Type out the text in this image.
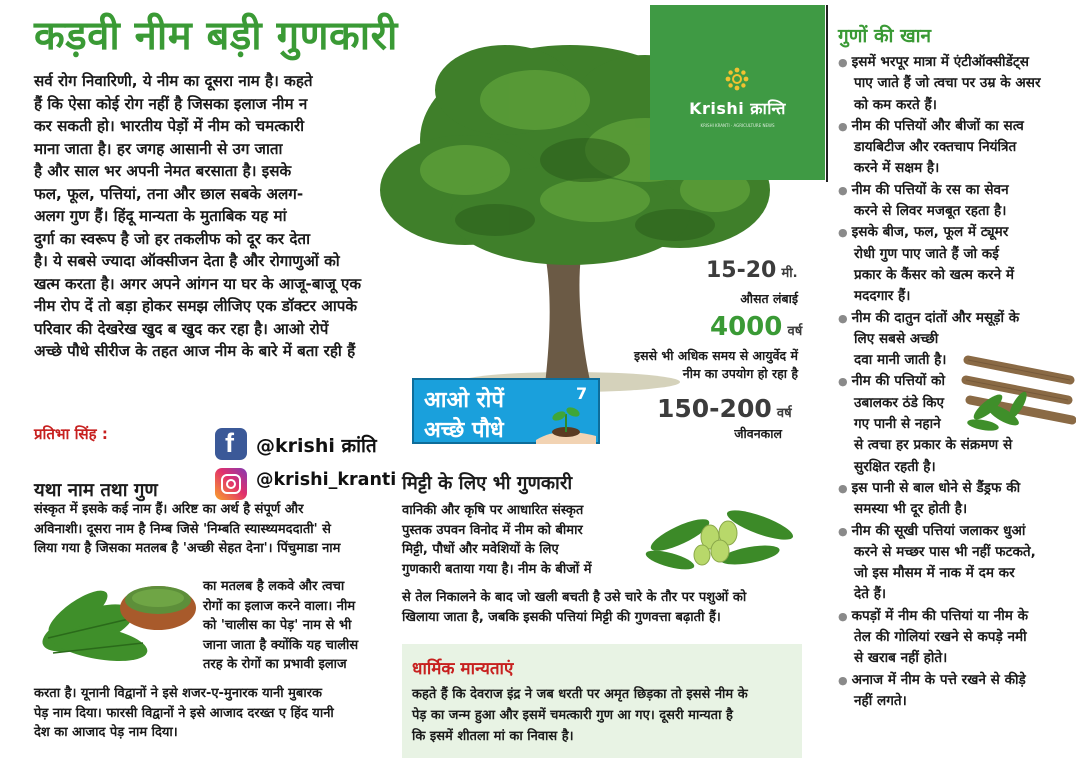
कड़वी नीम बड़ी गुणकारी
सर्व रोग निवारिणी, ये नीम का दूसरा नाम है। कहते
हैं कि ऐसा कोई रोग नहीं है जिसका इलाज नीम न
कर सकती हो। भारतीय पेड़ों में नीम को चमत्कारी
माना जाता है। हर जगह आसानी से उग जाता
है और साल भर अपनी नेमत बरसाता है। इसके
फल, फूल, पत्तियां, तना और छाल सबके अलग-
अलग गुण हैं। हिंदू मान्यता के मुताबिक यह मां
दुर्गा का स्वरूप है जो हर तकलीफ को दूर कर देता
है। ये सबसे ज्यादा ऑक्सीजन देता है और रोगाणुओं को
खत्म करता है। अगर अपने आंगन या घर के आजू-बाजू एक
नीम रोप दें तो बड़ा होकर समझ लीजिए एक डॉक्टर आपके
परिवार की देखरेख खुद ब खुद कर रहा है। आओ रोपें
अच्छे पौधे सीरीज के तहत आज नीम के बारे में बता रही हैं
प्रतिभा सिंह :
Krishi क्रान्ति
KRISHI KRANTI · AGRICULTURE NEWS
15-20 मी.
औसत लंबाई
4000 वर्ष
इससे भी अधिक समय से आयुर्वेद में
नीम का उपयोग हो रहा है
150-200 वर्ष
जीवनकाल
आओ रोपें
अच्छे पौधे
7
f @krishi क्रांति
@krishi_kranti
यथा नाम तथा गुण
संस्कृत में इसके कई नाम हैं। अरिष्ट का अर्थ है संपूर्ण और
अविनाशी। दूसरा नाम है निम्ब जिसे 'निम्बति स्यास्थ्यमददाती' से
लिया गया है जिसका मतलब है 'अच्छी सेहत देना'। पिंचुमाडा नाम
का मतलब है लकवे और त्वचा
रोगों का इलाज करने वाला। नीम
को 'चालीस का पेड़' नाम से भी
जाना जाता है क्योंकि यह चालीस
तरह के रोगों का प्रभावी इलाज
करता है। यूनानी विद्वानों ने इसे शजर-ए-मुनारक यानी मुबारक
पेड़ नाम दिया। फारसी विद्वानों ने इसे आजाद दरख्त ए हिंद यानी
देश का आजाद पेड़ नाम दिया।
मिट्टी के लिए भी गुणकारी
वानिकी और कृषि पर आधारित संस्कृत
पुस्तक उपवन विनोद में नीम को बीमार
मिट्टी, पौधों और मवेशियों के लिए
गुणकारी बताया गया है। नीम के बीजों में
से तेल निकालने के बाद जो खली बचती है उसे चारे के तौर पर पशुओं को
खिलाया जाता है, जबकि इसकी पत्तियां मिट्टी की गुणवत्ता बढ़ाती हैं।
धार्मिक मान्यताएं
कहते हैं कि देवराज इंद्र ने जब धरती पर अमृत छिड़का तो इससे नीम के
पेड़ का जन्म हुआ और इसमें चमत्कारी गुण आ गए। दूसरी मान्यता है
कि इसमें शीतला मां का निवास है।
गुणों की खान
● इसमें भरपूर मात्रा में एंटीऑक्सीडेंट्स
पाए जाते हैं जो त्वचा पर उम्र के असर
को कम करते हैं।
● नीम की पत्तियों और बीजों का सत्व
डायबिटीज और रक्तचाप नियंत्रित
करने में सक्षम है।
● नीम की पत्तियों के रस का सेवन
करने से लिवर मजबूत रहता है।
● इसके बीज, फल, फूल में ट्यूमर
रोधी गुण पाए जाते हैं जो कई
प्रकार के कैंसर को खत्म करने में
मददगार हैं।
● नीम की दातुन दांतों और मसूड़ों के
लिए सबसे अच्छी
दवा मानी जाती है।
● नीम की पत्तियों को
उबालकर ठंडे किए
गए पानी से नहाने
से त्वचा हर प्रकार के संक्रमण से
सुरक्षित रहती है।
● इस पानी से बाल धोने से डैंड्रफ की
समस्या भी दूर होती है।
● नीम की सूखी पत्तियां जलाकर धुआं
करने से मच्छर पास भी नहीं फटकते,
जो इस मौसम में नाक में दम कर
देते हैं।
● कपड़ों में नीम की पत्तियां या नीम के
तेल की गोलियां रखने से कपड़े नमी
से खराब नहीं होते।
● अनाज में नीम के पत्ते रखने से कीड़े
नहीं लगते।
